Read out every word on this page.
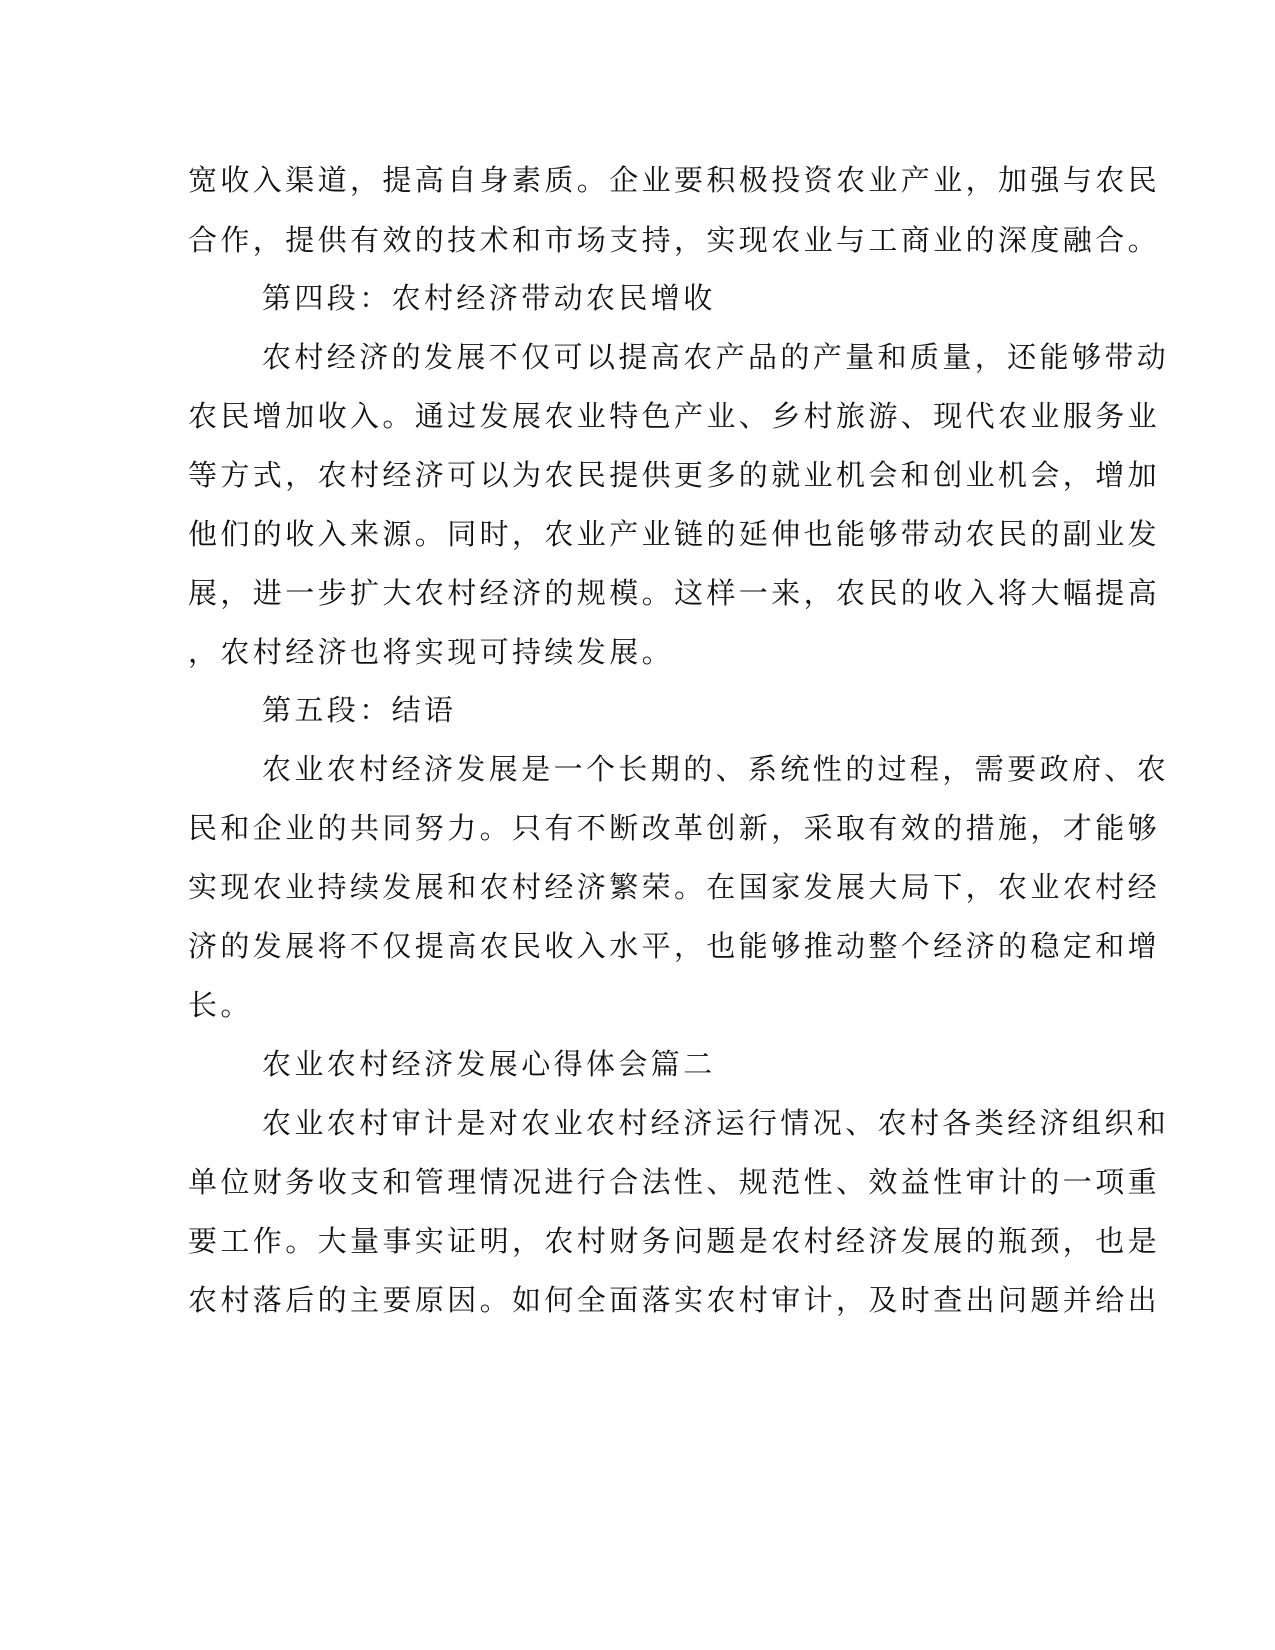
宽收入渠道，提高自身素质。企业要积极投资农业产业，加强与农民
合作，提供有效的技术和市场支持，实现农业与工商业的深度融合。
第四段：农村经济带动农民增收
农村经济的发展不仅可以提高农产品的产量和质量，还能够带动
农民增加收入。通过发展农业特色产业、乡村旅游、现代农业服务业
等方式，农村经济可以为农民提供更多的就业机会和创业机会，增加
他们的收入来源。同时，农业产业链的延伸也能够带动农民的副业发
展，进一步扩大农村经济的规模。这样一来，农民的收入将大幅提高
，农村经济也将实现可持续发展。
第五段：结语
农业农村经济发展是一个长期的、系统性的过程，需要政府、农
民和企业的共同努力。只有不断改革创新，采取有效的措施，才能够
实现农业持续发展和农村经济繁荣。在国家发展大局下，农业农村经
济的发展将不仅提高农民收入水平，也能够推动整个经济的稳定和增
长。
农业农村经济发展心得体会篇二
农业农村审计是对农业农村经济运行情况、农村各类经济组织和
单位财务收支和管理情况进行合法性、规范性、效益性审计的一项重
要工作。大量事实证明，农村财务问题是农村经济发展的瓶颈，也是
农村落后的主要原因。如何全面落实农村审计，及时查出问题并给出
